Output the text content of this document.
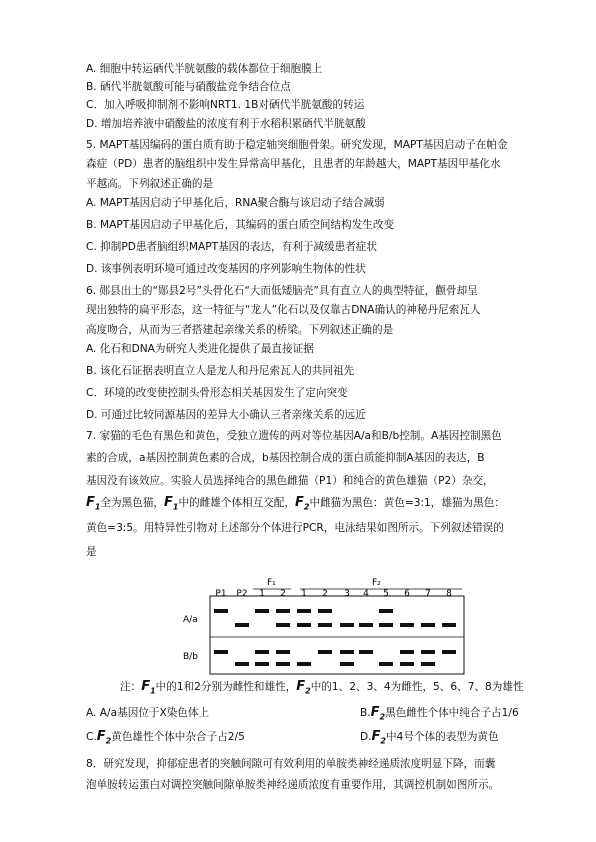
A. 细胞中转运硒代半胱氨酸的载体都位于细胞膜上
B. 硒代半胱氨酸可能与硝酸盐竞争结合位点
C．加入呼吸抑制剂不影响NRT1. 1B对硒代半胱氨酸的转运
D. 增加培养液中硝酸盐的浓度有利于水稻积累硒代半胱氨酸
5. MAPT基因编码的蛋白质有助于稳定轴突细胞骨架。研究发现，MAPT基因启动子在帕金
森症（PD）患者的脑组织中发生异常高甲基化，且患者的年龄越大，MAPT基因甲基化水
平越高。下列叙述正确的是
A. MAPT基因启动子甲基化后，RNA聚合酶与该启动子结合减弱
B. MAPT基因启动子甲基化后，其编码的蛋白质空间结构发生改变
C. 抑制PD患者脑组织MAPT基因的表达，有利于减缓患者症状
D. 该事例表明环境可通过改变基因的序列影响生物体的性状
6. 郧县出土的“郧县2号”头骨化石“大而低矮脑壳”具有直立人的典型特征，颧骨却呈
现出独特的扁平形态，这一特征与“龙人”化石以及仅靠古DNA确认的神秘丹尼索瓦人
高度吻合，从而为三者搭建起亲缘关系的桥梁。下列叙述正确的是
A. 化石和DNA为研究人类进化提供了最直接证据
B. 该化石证据表明直立人是龙人和丹尼索瓦人的共同祖先
C．环境的改变使控制头骨形态相关基因发生了定向突变
D. 可通过比较同源基因的差异大小确认三者亲缘关系的远近
7. 家猫的毛色有黑色和黄色，受独立遗传的两对等位基因A/a和B/b控制。A基因控制黑色
素的合成，a基因控制黄色素的合成，b基因控制合成的蛋白质能抑制A基因的表达，B
基因没有该效应。实验人员选择纯合的黑色雌猫（P1）和纯合的黄色雄猫（P2）杂交，
$F_1$全为黑色猫，$F_1$中的雌雄个体相互交配，$F_2$中雌猫为黑色：黄色=3:1，雄猫为黑色：
黄色=3:5。用特异性引物对上述部分个体进行PCR，电泳结果如图所示。下列叙述错误的
是
F₁	F₂
A/a
B/b
P1 P2 1 2 1 2 3 4 5 6 7 8
注：$F_1$中的1和2分别为雌性和雄性，$F_2$中的1、2、3、4为雌性，5、6、7、8为雄性
A. A/a基因位于X染色体上	$B.F_2$黑色雌性个体中纯合子占1/6
$C.F_2$黄色雄性个体中杂合子占2/5	$D.F_2$中4号个体的表型为黄色
8．研究发现，抑郁症患者的突触间隙可有效利用的单胺类神经递质浓度明显下降，而囊
泡单胺转运蛋白对调控突触间隙单胺类神经递质浓度有重要作用，其调控机制如图所示。
